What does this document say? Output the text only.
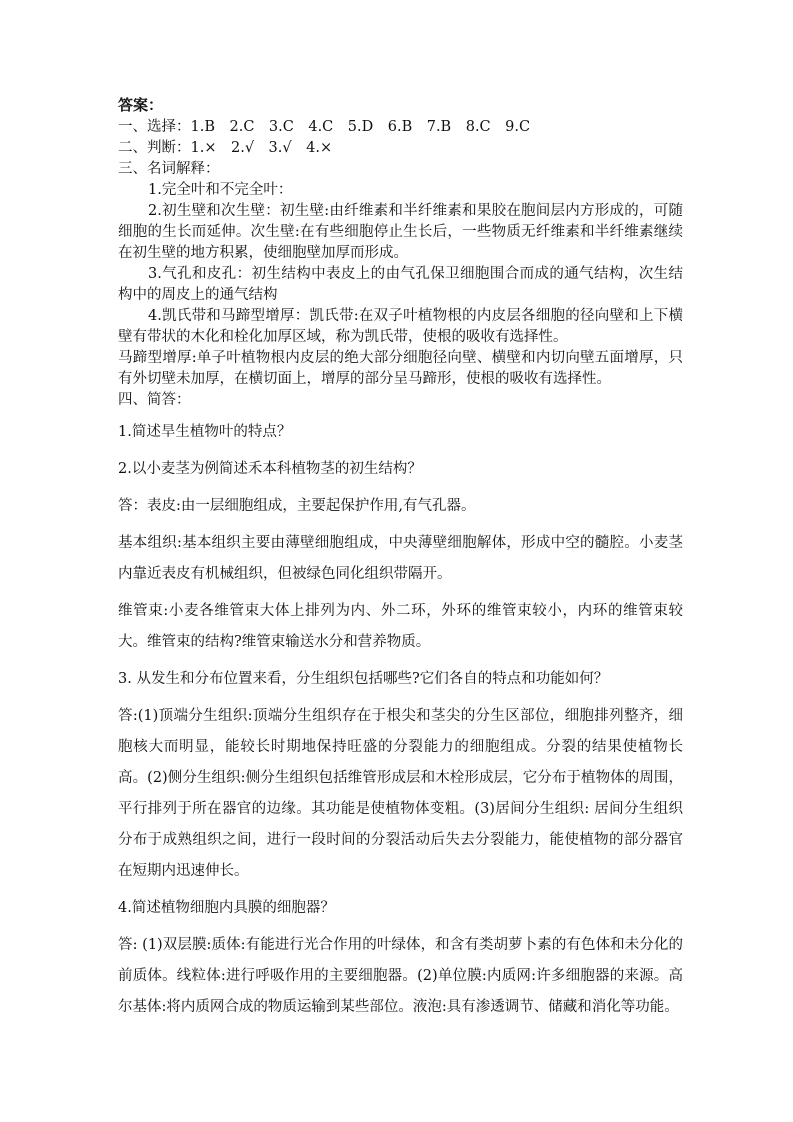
答案：
一、选择：1.B　2.C　3.C　4.C　5.D　6.B　7.B　8.C　9.C
二、判断：1.×　2.√　3.√　4.×
三、名词解释：
1.完全叶和不完全叶：
2.初生壁和次生壁：初生壁:由纤维素和半纤维素和果胶在胞间层内方形成的，可随细胞的生长而延伸。次生壁:在有些细胞停止生长后，一些物质无纤维素和半纤维素继续在初生壁的地方积累，使细胞壁加厚而形成。
3.气孔和皮孔：初生结构中表皮上的由气孔保卫细胞围合而成的通气结构，次生结构中的周皮上的通气结构
4.凯氏带和马蹄型增厚：凯氏带:在双子叶植物根的内皮层各细胞的径向壁和上下横壁有带状的木化和栓化加厚区域，称为凯氏带，使根的吸收有选择性。
马蹄型增厚:单子叶植物根内皮层的绝大部分细胞径向壁、横壁和内切向壁五面增厚，只有外切壁未加厚，在横切面上，增厚的部分呈马蹄形，使根的吸收有选择性。
四、简答：
1.简述旱生植物叶的特点？
2.以小麦茎为例简述禾本科植物茎的初生结构？
答：表皮:由一层细胞组成，主要起保护作用,有气孔器。
基本组织:基本组织主要由薄壁细胞组成，中央薄壁细胞解体，形成中空的髓腔。小麦茎内靠近表皮有机械组织，但被绿色同化组织带隔开。
维管束:小麦各维管束大体上排列为内、外二环，外环的维管束较小，内环的维管束较大。维管束的结构?维管束输送水分和营养物质。
3. 从发生和分布位置来看，分生组织包括哪些?它们各自的特点和功能如何？
答:(1)顶端分生组织:顶端分生组织存在于根尖和茎尖的分生区部位，细胞排列整齐，细胞核大而明显，能较长时期地保持旺盛的分裂能力的细胞组成。分裂的结果使植物长高。(2)侧分生组织:侧分生组织包括维管形成层和木栓形成层，它分布于植物体的周围，平行排列于所在器官的边缘。其功能是使植物体变粗。(3)居间分生组织: 居间分生组织分布于成熟组织之间，进行一段时间的分裂活动后失去分裂能力，能使植物的部分器官在短期内迅速伸长。
4.简述植物细胞内具膜的细胞器？
答: (1)双层膜:质体:有能进行光合作用的叶绿体，和含有类胡萝卜素的有色体和未分化的前质体。线粒体:进行呼吸作用的主要细胞器。(2)单位膜:内质网:许多细胞器的来源。高尔基体:将内质网合成的物质运输到某些部位。液泡:具有渗透调节、储藏和消化等功能。
